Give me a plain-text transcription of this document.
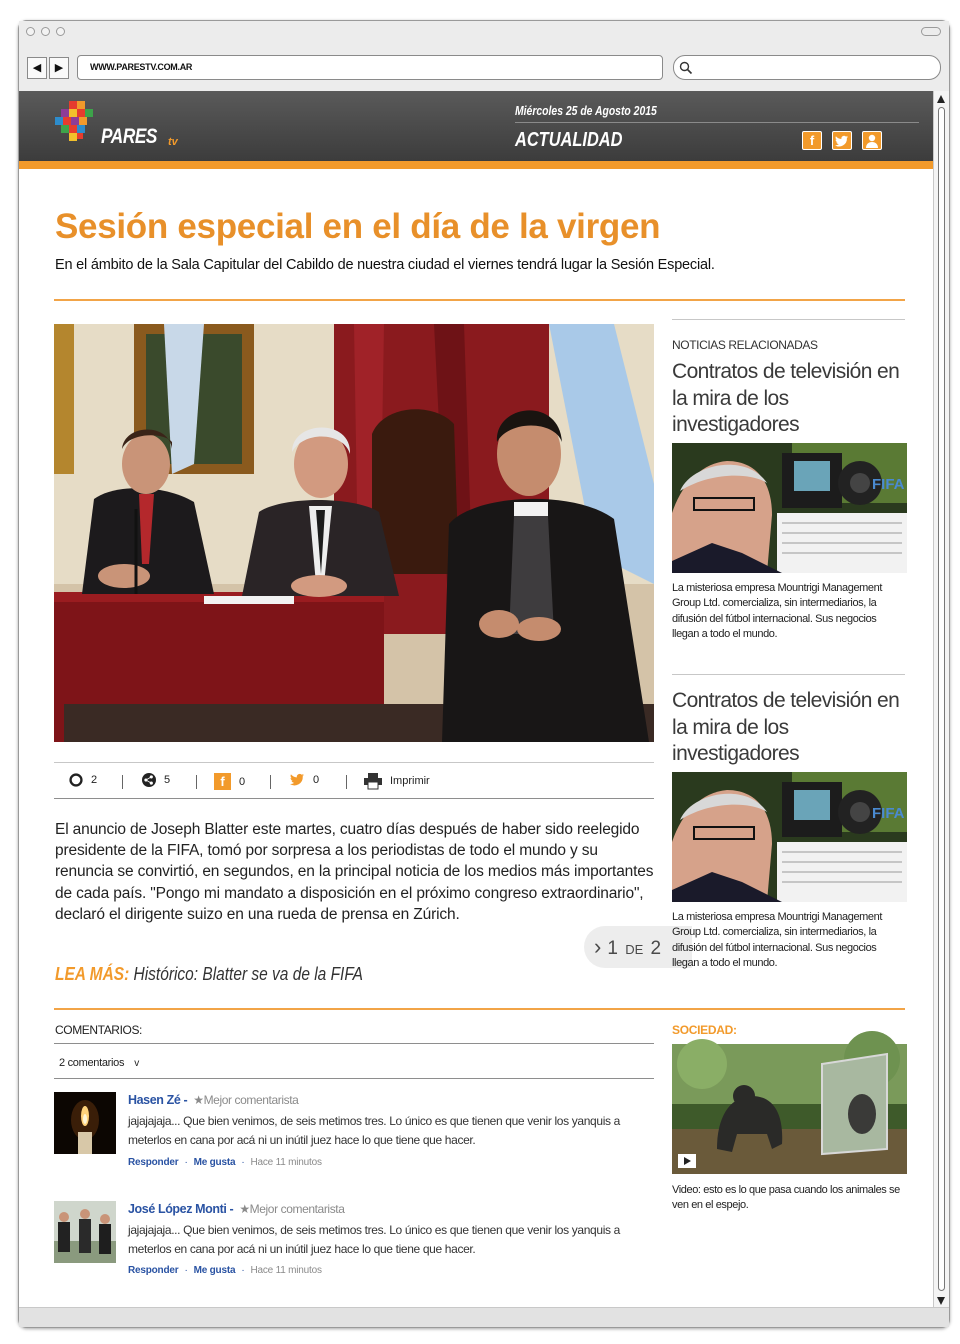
◀	▶	WWW.PARESTV.COM.AR
PARES tv
Miércoles 25 de Agosto 2015
ACTUALIDAD	f
Sesión especial en el día de la virgen

En el ámbito de la Sala Capitular del Cabildo de nuestra ciudad el viernes tendrá lugar la Sesión Especial.

› 1 DE 2
2	5	f	0	0	Imprimir

El anuncio de Joseph Blatter este martes, cuatro días después de haber sido reelegido presidente de la FIFA, tomó por sorpresa a los periodistas de todo el mundo y su renuncia se convirtió, en segundos, en la principal noticia de los medios más importantes de cada país. "Pongo mi mandato a disposición en el próximo congreso extraordinario", declaró el dirigente suizo en una rueda de prensa en Zúrich.

LEA MÁS: Histórico: Blatter se va de la FIFA
COMENTARIOS:
2 comentarios v
Hasen Zé - ★Mejor comentarista

jajajajaja... Que bien venimos, de seis metimos tres. Lo único es que tienen que venir los yanquis a meterlos en cana por acá ni un inútil juez hace lo que tiene que hacer.

Responder · Me gusta · Hace 11 minutos
José López Monti - ★Mejor comentarista

jajajajaja... Que bien venimos, de seis metimos tres. Lo único es que tienen que venir los yanquis a meterlos en cana por acá ni un inútil juez hace lo que tiene que hacer.

Responder · Me gusta · Hace 11 minutos
NOTICIAS RELACIONADAS
Contratos de televisión en la mira de los investigadores
FIFA

La misteriosa empresa Mountrigi Management Group Ltd. comercializa, sin intermediarios, la difusión del fútbol internacional. Sus negocios llegan a todo el mundo.

Contratos de televisión en la mira de los investigadores
FIFA

La misteriosa empresa Mountrigi Management Group Ltd. comercializa, sin intermediarios, la difusión del fútbol internacional. Sus negocios llegan a todo el mundo.

SOCIEDAD:

Video: esto es lo que pasa cuando los animales se ven en el espejo.
